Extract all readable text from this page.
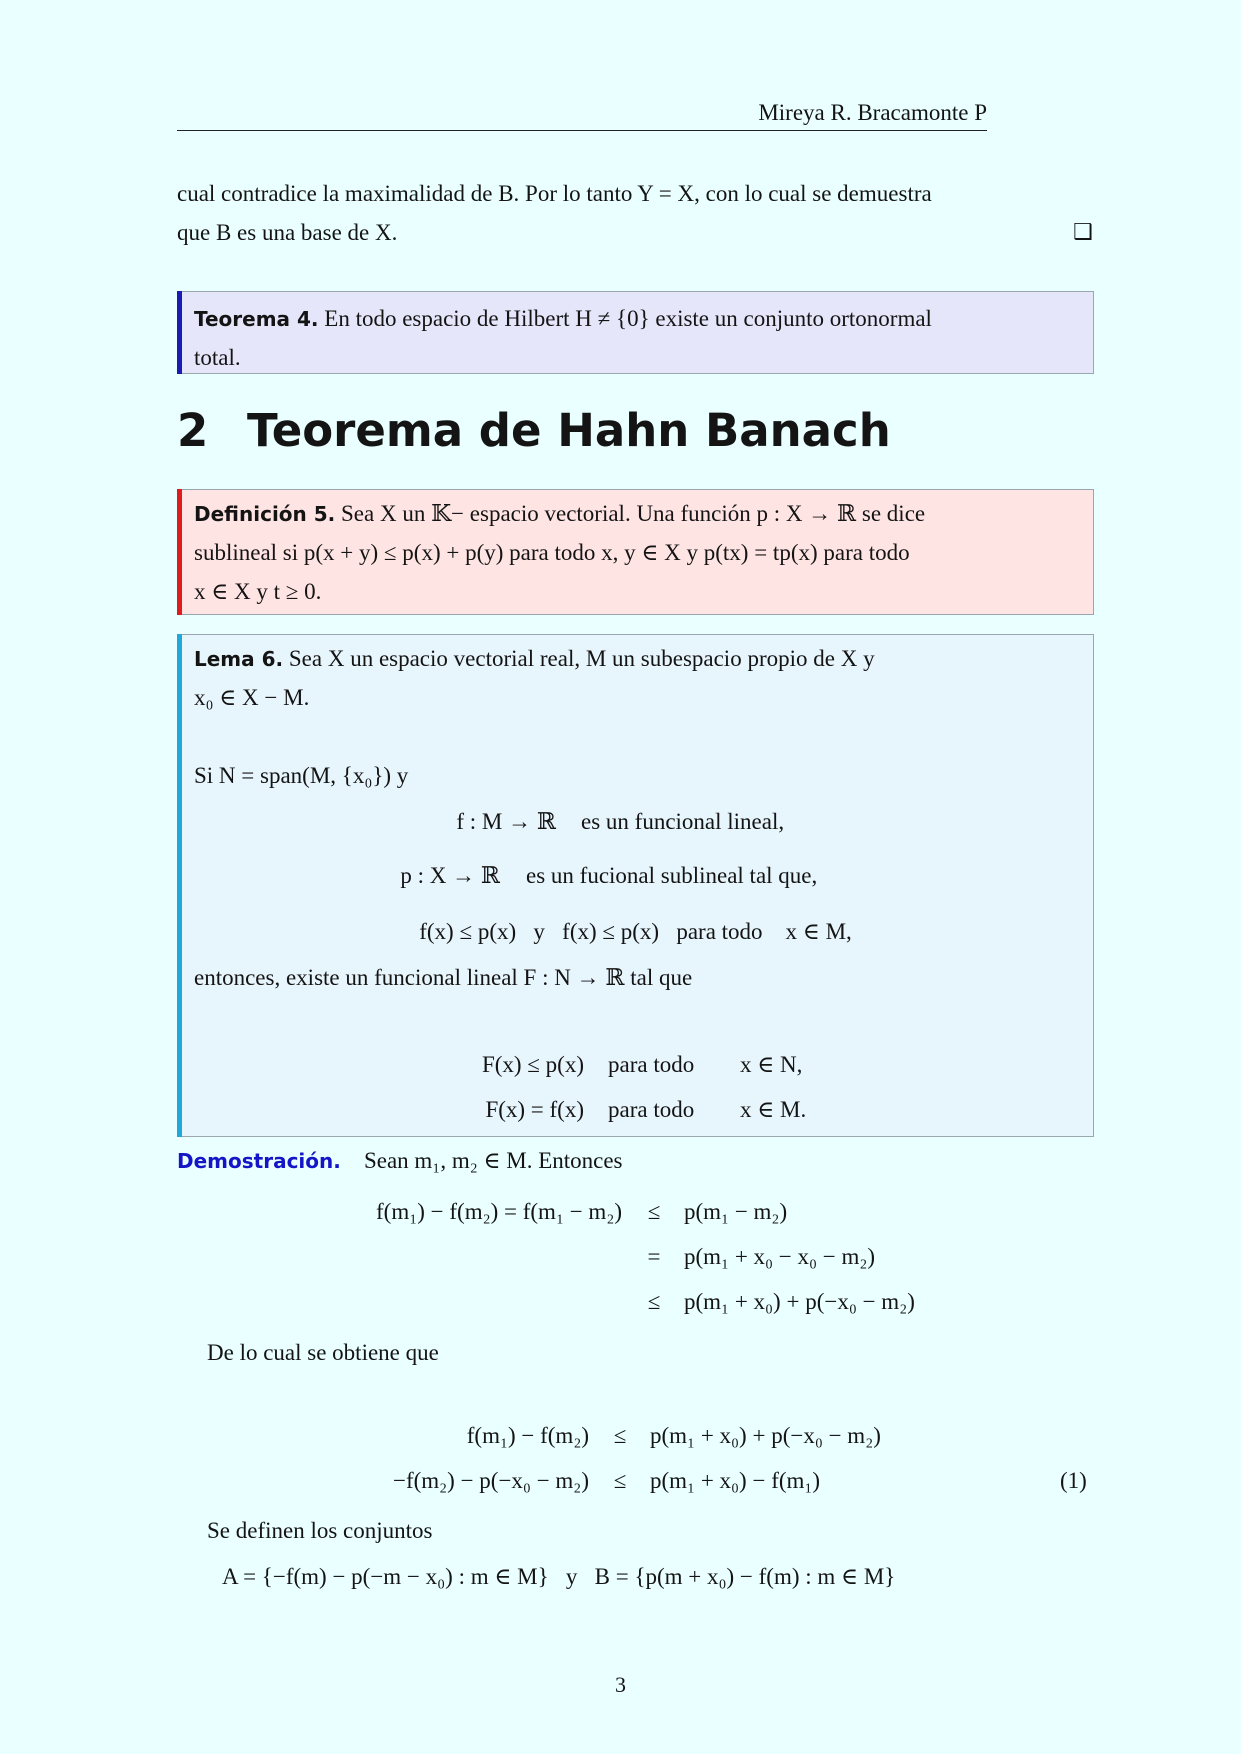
Mireya R. Bracamonte P
cual contradice la maximalidad de B. Por lo tanto Y = X, con lo cual se demuestra
que B es una base de X.	❑
Teorema 4. En todo espacio de Hilbert H ≠ {0} existe un conjunto ortonormal
total.
2 Teorema de Hahn Banach
Definición 5. Sea X un 𝕂− espacio vectorial. Una función p : X → ℝ se dice
sublineal si p(x + y) ≤ p(x) + p(y) para todo x, y ∈ X y p(tx) = tp(x) para todo
x ∈ X y t ≥ 0.
Lema 6. Sea X un espacio vectorial real, M un subespacio propio de X y
x₀ ∈ X − M.
Si N = span(M, {x₀}) y
f : M → ℝ es un funcional lineal,
p : X → ℝ es un fucional sublineal tal que,
f(x) ≤ p(x)   y   f(x) ≤ p(x)   para todo    x ∈ M,
entonces, existe un funcional lineal F : N → ℝ tal que
F(x) ≤ p(x) para todo x ∈ N,
F(x) = f(x) para todo x ∈ M.
Demostración. Sean m₁, m₂ ∈ M. Entonces
f(m₁) − f(m₂) = f(m₁ − m₂)	≤	p(m₁ − m₂)
=	p(m₁ + x₀ − x₀ − m₂)
≤	p(m₁ + x₀) + p(−x₀ − m₂)
De lo cual se obtiene que
f(m₁) − f(m₂)	≤	p(m₁ + x₀) + p(−x₀ − m₂)
−f(m₂) − p(−x₀ − m₂)	≤	p(m₁ + x₀) − f(m₁)	(1)
Se definen los conjuntos
A = {−f(m) − p(−m − x₀) : m ∈ M}   y   B = {p(m + x₀) − f(m) : m ∈ M}
3
